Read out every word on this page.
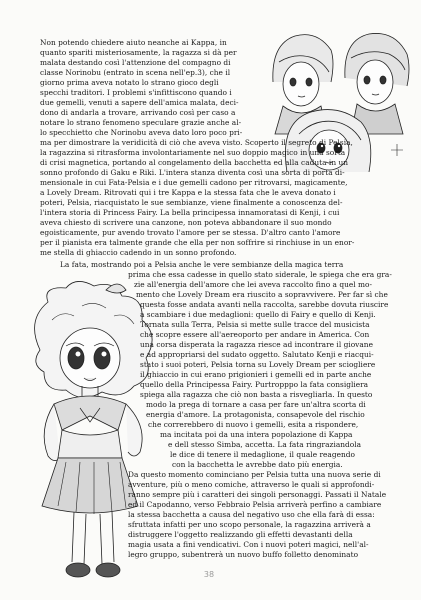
Non potendo chiedere aiuto neanche ai Kappa, in
quanto spariti misteriosamente, la ragazza si dà per
malata destando così l'attenzione del compagno di
classe Norinobu (entrato in scena nell'ep.3), che il
giorno prima aveva notato lo strano gioco degli
specchi traditori. I problemi s'infittiscono quando i
due gemelli, venuti a sapere dell'amica malata, deci-
dono di andarla a trovare, arrivando così per caso a
notare lo strano fenomeno speculare grazie anche al-
lo specchietto che Norinobu aveva dato loro poco pri-
ma per dimostrare la veridicità di ciò che aveva visto. Scoperto il segreto di Pelsia,
la ragazzina si ritrasforma involontariamente nel suo doppio magico in una sorta
di crisi magnetica, portando al congelamento della bacchetta ed alla caduta in un
sonno profondo di Gaku e Riki. L'intera stanza diventa così una sorta di porta di-
mensionale in cui Fata-Pelsia e i due gemelli cadono per ritrovarsi, magicamente,
a Lovely Dream. Ritrovati qui i tre Kappa e la stessa fata che le aveva donato i
poteri, Pelsia, riacquistato le sue sembianze, viene finalmente a conoscenza del-
l'intera storia di Princess Fairy. La bella principessa innamoratasi di Kenji, i cui
aveva chiesto di scrivere una canzone, non poteva abbandonare il suo mondo
egoisticamente, pur avendo trovato l'amore per se stessa. D'altro canto l'amore
per il pianista era talmente grande che ella per non soffrire si rinchiuse in un enor-
me stella di ghiaccio cadendo in un sonno profondo.
La fata, mostrando poi a Pelsia anche le vere sembianze della magica terra
prima che essa cadesse in quello stato siderale, le spiega che era gra-
zie all'energia dell'amore che lei aveva raccolto fino a quel mo-
mento che Lovely Dream era riuscito a sopravvivere. Per far sì che
questa fosse andata avanti nella raccolta, sarebbe dovuta riuscire
a scambiare i due medaglioni: quello di Fairy e quello di Kenji.
Tornata sulla Terra, Pelsia si mette sulle tracce del musicista
che scopre essere all'aereoporto per andare in America. Con
una corsa disperata la ragazza riesce ad incontrare il giovane
e ad appropriarsi del sudato oggetto. Salutato Kenji e riacqui-
stato i suoi poteri, Pelsia torna su Lovely Dream per sciogliere
il ghiaccio in cui erano prigionieri i gemelli ed in parte anche
quello della Principessa Fairy. Purtropppo la fata consigliera
spiega alla ragazza che ciò non basta a risvegliarla. In questo
modo la prega di tornare a casa per fare un'altra scorta di
energia d'amore. La protagonista, consapevole del rischio
che correrebbero di nuovo i gemelli, esita a rispondere,
ma incitata poi da una intera popolazione di Kappa
e dell stesso Simba, accetta. La fata ringraziandola
le dice di tenere il medaglione, il quale reagendo
con la bacchetta le avrebbe dato più energia.
Da questo momento cominciano per Pelsia tutta una nuova serie di
avventure, più o meno comiche, attraverso le quali si approfondi-
ranno sempre più i caratteri dei singoli personaggi. Passati il Natale
ed il Capodanno, verso Febbraio Pelsia arriverà perfino a cambiare
la stessa bacchetta a causa del negativo uso che ella farà di essa:
sfruttata infatti per uno scopo personale, la ragazzina arriverà a
distruggere l'oggetto realizzando gli effetti devastanti della
magia usata a fini vendicativi. Con i nuovi poteri magici, nell'al-
legro gruppo, subentrerà un nuovo buffo folletto denominato
38
